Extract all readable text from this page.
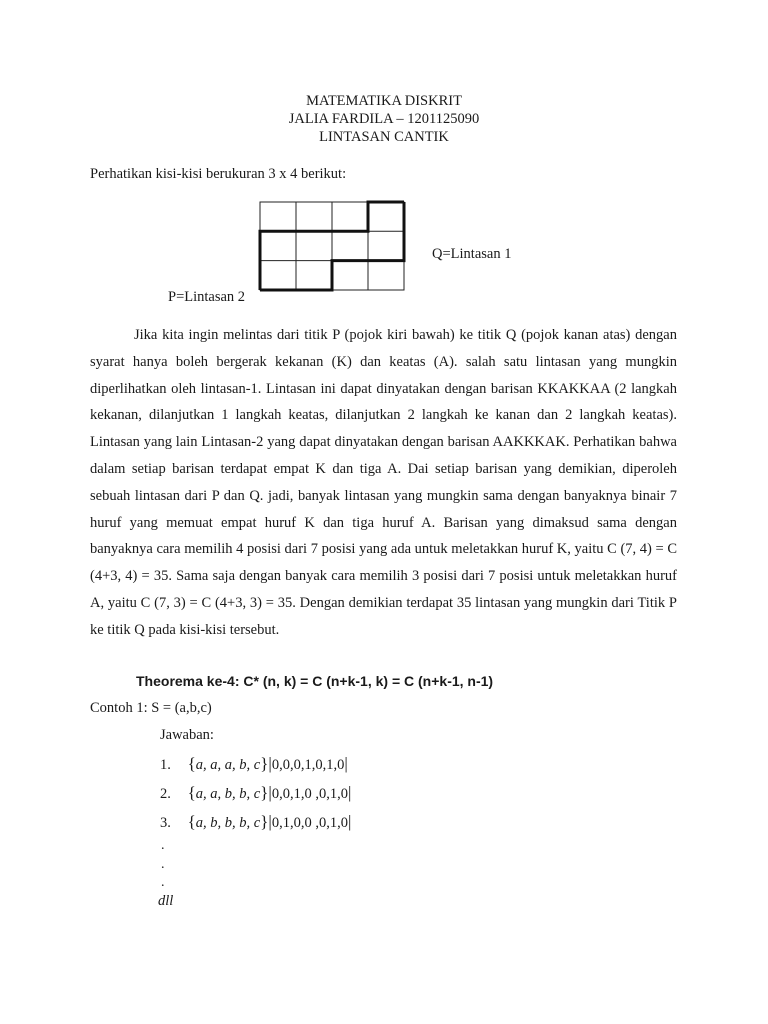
MATEMATIKA DISKRIT
JALIA FARDILA – 1201125090
LINTASAN CANTIK
Perhatikan kisi-kisi berukuran 3 x 4 berikut:
Q=Lintasan 1
P=Lintasan 2

Jika kita ingin melintas dari titik P (pojok kiri bawah) ke titik Q (pojok kanan atas) dengan syarat hanya boleh bergerak kekanan (K) dan keatas (A). salah satu lintasan yang mungkin diperlihatkan oleh lintasan-1. Lintasan ini dapat dinyatakan dengan barisan KKAKKAA (2 langkah kekanan, dilanjutkan 1 langkah keatas, dilanjutkan 2 langkah ke kanan dan 2 langkah keatas). Lintasan yang lain Lintasan-2 yang dapat dinyatakan dengan barisan AAKKKAK. Perhatikan bahwa dalam setiap barisan terdapat empat K dan tiga A. Dai setiap barisan yang demikian, diperoleh sebuah lintasan dari P dan Q. jadi, banyak lintasan yang mungkin sama dengan banyaknya binair 7 huruf yang memuat empat huruf K dan tiga huruf A. Barisan yang dimaksud sama dengan banyaknya cara memilih 4 posisi dari 7 posisi yang ada untuk meletakkan huruf K, yaitu C (7, 4) = C (4+3, 4) = 35. Sama saja dengan banyak cara memilih 3 posisi dari 7 posisi untuk meletakkan huruf A, yaitu C (7, 3) = C (4+3, 3) = 35. Dengan demikian terdapat 35 lintasan yang mungkin dari Titik P ke titik Q pada kisi-kisi tersebut.

Theorema ke-4: C* (n, k) = C (n+k-1, k) = C (n+k-1, n-1)
Contoh 1: S = (a,b,c)
Jawaban:
1. {a, a, a, b, c}|0,0,0,1,0,1,0|
2. {a, a, b, b, c}|0,0,1,0 ,0,1,0|
3. {a, b, b, b, c}|0,1,0,0 ,0,1,0|
.
.
.
dll
